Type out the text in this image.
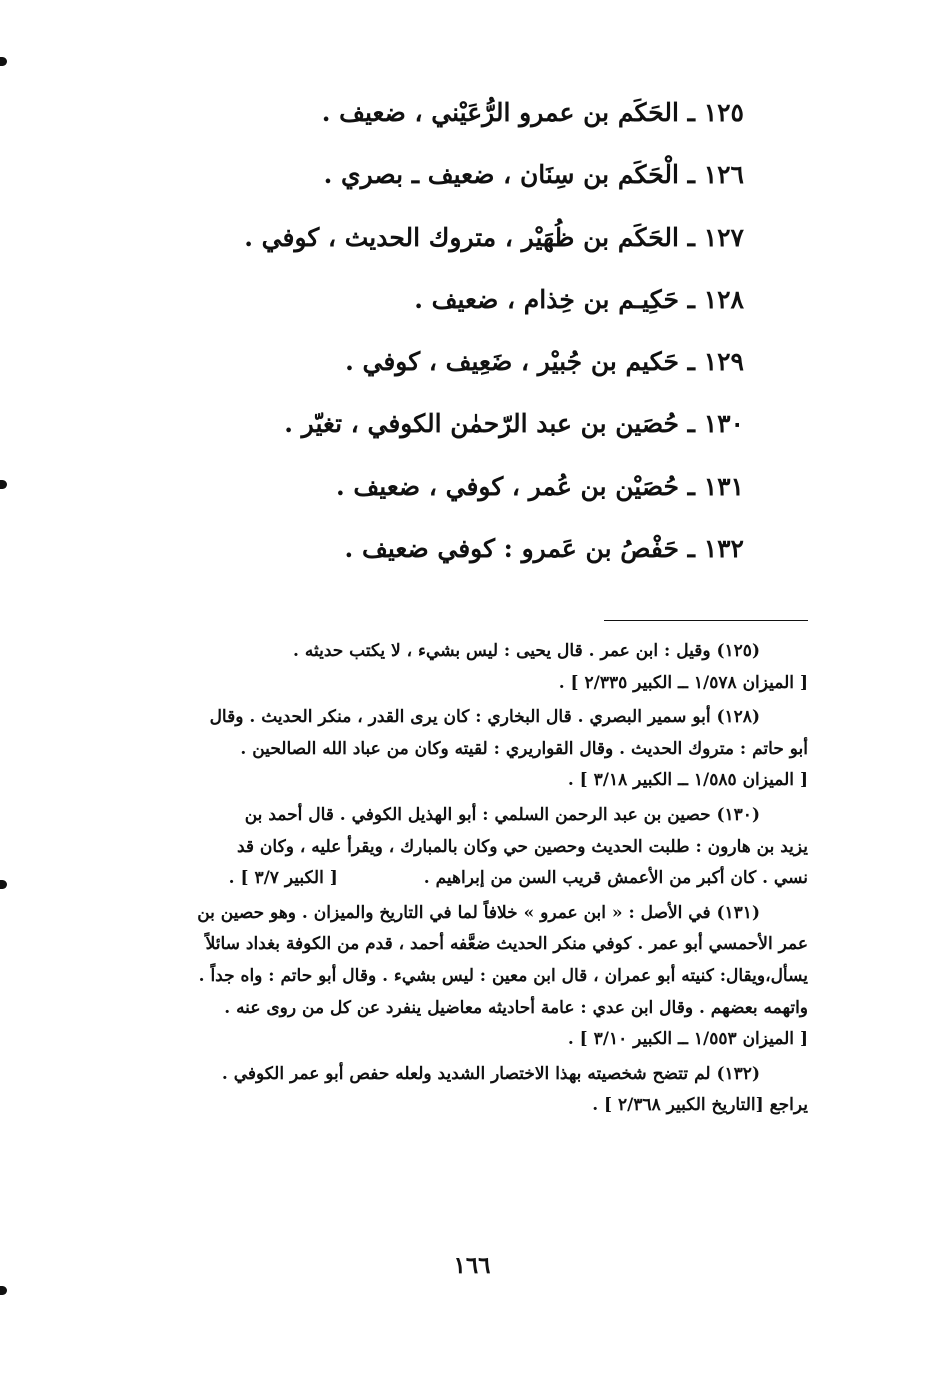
١٢٥ ـ الحَكَم بن عمرو الرُّعَيْني ، ضعيف .
١٢٦ ـ الْحَكَم بن سِنَان ، ضعيف ـ بصري .
١٢٧ ـ الحَكَم بن ظُهَيْر ، متروك الحديث ، كوفي .
١٢٨ ـ حَكِيـم بن خِذام ، ضعيف .
١٢٩ ـ حَكيم بن جُبيْر ، ضَعِيف ، كوفي .
١٣٠ ـ حُصَين بن عبد الرّحمٰن الكوفي ، تغيّر .
١٣١ ـ حُصَيْن بن عُمر ، كوفي ، ضعيف .
١٣٢ ـ حَفْصُ بن عَمرو : كوفي ضعيف .
(١٢٥) وقيل : ابن عمر . قال يحيى : ليس بشيء ، لا يكتب حديثه .
[ الميزان ١/٥٧٨ ــ الكبير ٢/٣٣٥ ] .
(١٢٨) أبو سمير البصري . قال البخاري : كان يرى القدر ، منكر الحديث . وقال
أبو حاتم : متروك الحديث . وقال القواريري : لقيته وكان من عباد الله الصالحين .
[ الميزان ١/٥٨٥ ــ الكبير ٣/١٨ ] .
(١٣٠) حصين بن عبد الرحمن السلمي : أبو الهذيل الكوفي . قال أحمد بن
يزيد بن هارون : طلبت الحديث وحصين حي وكان بالمبارك ، ويقرأ عليه ، وكان قد
نسي . كان أكبر من الأعمش قريب السن من إبراهيم .
[ الكبير ٣/٧ ] .
(١٣١) في الأصل : « ابن عمرو » خلافاً لما في التاريخ والميزان . وهو حصين بن
عمر الأحمسي أبو عمر . كوفي منكر الحديث ضعَّفه أحمد ، قدم من الكوفة بغداد سائلاً
يسأل،ويقال: كنيته أبو عمران ، قال ابن معين : ليس بشيء . وقال أبو حاتم : واه جداً .
واتهمه بعضهم . وقال ابن عدي : عامة أحاديثه معاضيل ينفرد عن كل من روى عنه .
[ الميزان ١/٥٥٣ ــ الكبير ٣/١٠ ] .
(١٣٢) لم تتضح شخصيته بهذا الاختصار الشديد ولعله حفص أبو عمر الكوفي .
يراجع [التاريخ الكبير ٢/٣٦٨ ] .
١٦٦
